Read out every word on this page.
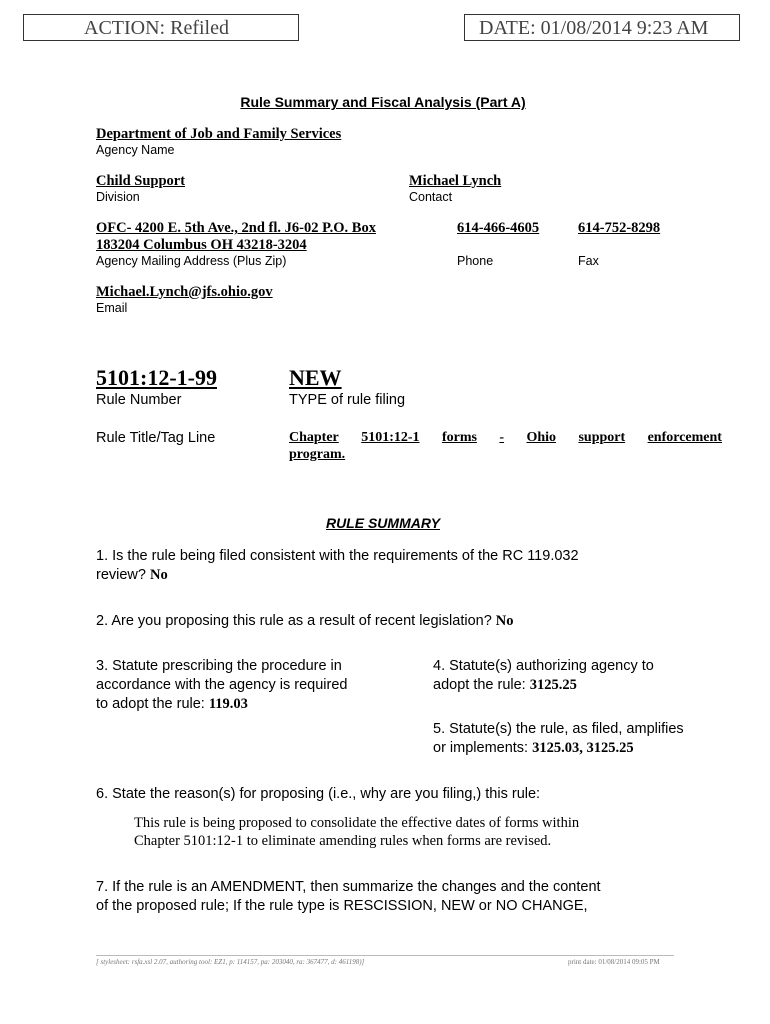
ACTION: Refiled	DATE: 01/08/2014 9:23 AM
Rule Summary and Fiscal Analysis (Part A)
Department of Job and Family Services
Agency Name
Child Support
Division
Michael Lynch
Contact
OFC- 4200 E. 5th Ave., 2nd fl. J6-02 P.O. Box
183204 Columbus OH 43218-3204
Agency Mailing Address (Plus Zip)
614-466-4605
Phone
614-752-8298
Fax
Michael.Lynch@jfs.ohio.gov
Email
5101:12-1-99
Rule Number
NEW
TYPE of rule filing
Rule Title/Tag Line	Chapter 5101:12-1 forms - Ohio support enforcement
program.
RULE SUMMARY
1. Is the rule being filed consistent with the requirements of the RC 119.032
review? No
2. Are you proposing this rule as a result of recent legislation? No
3. Statute prescribing the procedure in
accordance with the agency is required
to adopt the rule: 119.03
4. Statute(s) authorizing agency to
adopt the rule: 3125.25
5. Statute(s) the rule, as filed, amplifies
or implements: 3125.03, 3125.25
6. State the reason(s) for proposing (i.e., why are you filing,) this rule:
This rule is being proposed to consolidate the effective dates of forms within
Chapter 5101:12-1 to eliminate amending rules when forms are revised.
7. If the rule is an AMENDMENT, then summarize the changes and the content
of the proposed rule; If the rule type is RESCISSION, NEW or NO CHANGE,
[ stylesheet: rsfa.xsl 2.07, authoring tool: EZ1, p: 114157, pa: 203040, ra: 367477, d: 461198)]	print date: 01/08/2014 09:05 PM
